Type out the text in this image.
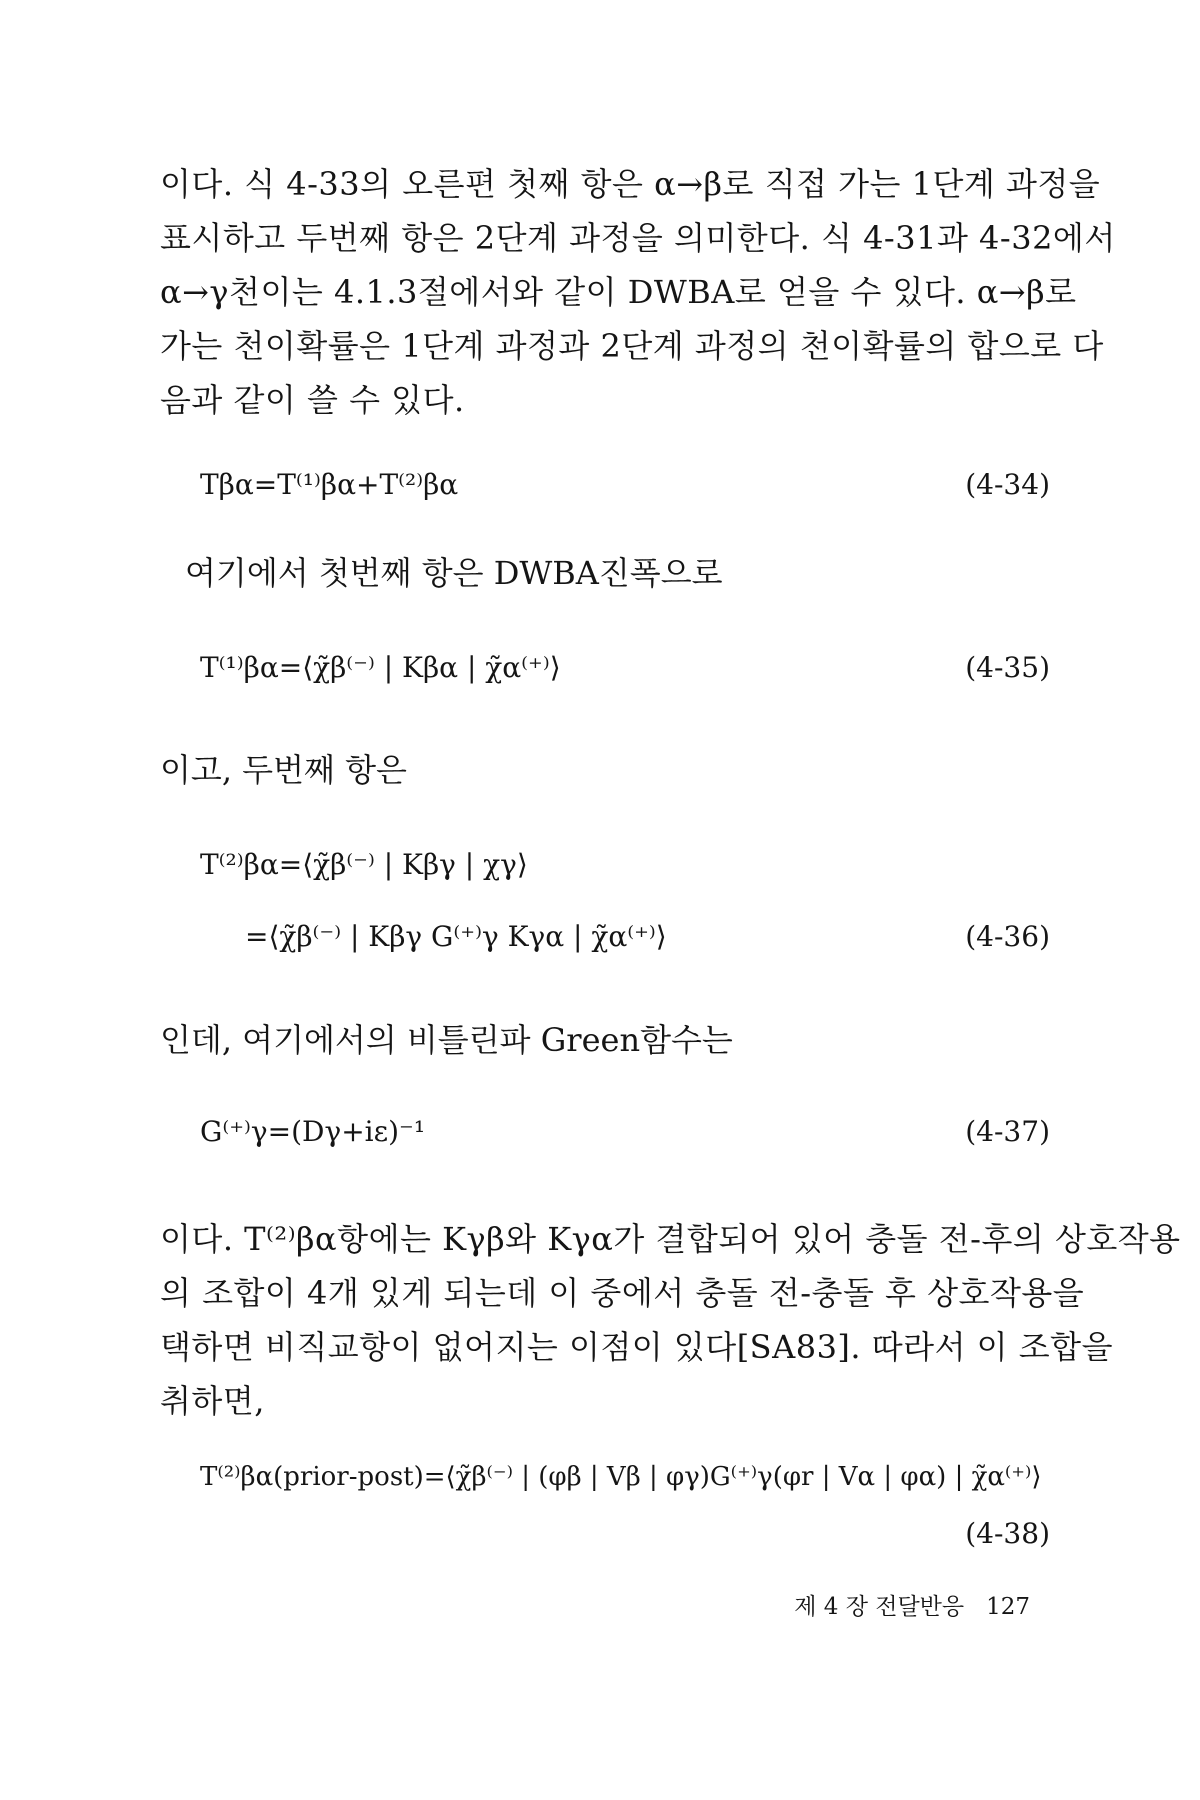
이다. 식 4-33의 오른편 첫째 항은 α→β로 직접 가는 1단계 과정을
표시하고 두번째 항은 2단계 과정을 의미한다. 식 4-31과 4-32에서
α→γ천이는 4.1.3절에서와 같이 DWBA로 얻을 수 있다. α→β로
가는 천이확률은 1단계 과정과 2단계 과정의 천이확률의 합으로 다
음과 같이 쓸 수 있다.
Tβα=T⁽¹⁾βα+T⁽²⁾βα	(4-34)
여기에서 첫번째 항은 DWBA진폭으로
T⁽¹⁾βα=⟨χ̃β⁽⁻⁾ | Kβα | χ̃α⁽⁺⁾⟩	(4-35)
이고, 두번째 항은
T⁽²⁾βα=⟨χ̃β⁽⁻⁾ | Kβγ | χγ⟩
=⟨χ̃β⁽⁻⁾ | Kβγ G⁽⁺⁾γ Kγα | χ̃α⁽⁺⁾⟩	(4-36)
인데, 여기에서의 비틀린파 Green함수는
G⁽⁺⁾γ=(Dγ+iε)⁻¹	(4-37)
이다. T⁽²⁾βα항에는 Kγβ와 Kγα가 결합되어 있어 충돌 전-후의 상호작용
의 조합이 4개 있게 되는데 이 중에서 충돌 전-충돌 후 상호작용을
택하면 비직교항이 없어지는 이점이 있다[SA83]. 따라서 이 조합을
취하면,
T⁽²⁾βα(prior-post)=⟨χ̃β⁽⁻⁾ | (φβ | Vβ | φγ)G⁽⁺⁾γ(φr | Vα | φα) | χ̃α⁽⁺⁾⟩
(4-38)
제 4 장 전달반응 127
